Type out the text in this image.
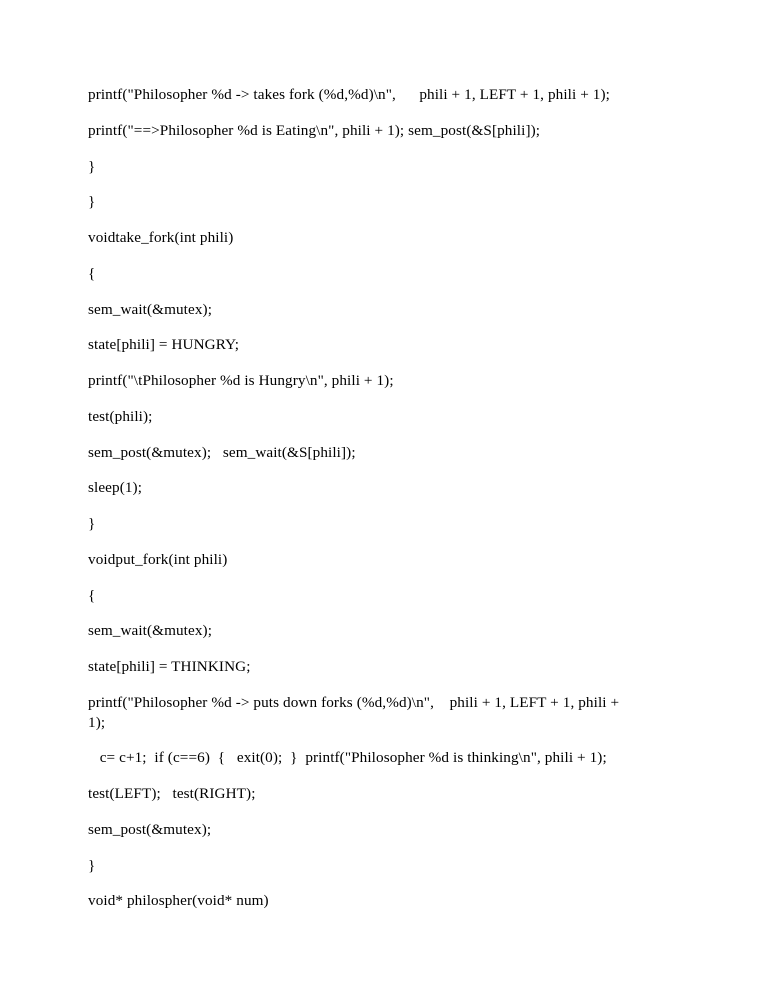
printf("Philosopher %d -> takes fork (%d,%d)\n",      phili + 1, LEFT + 1, phili + 1);

printf("==>Philosopher %d is Eating\n", phili + 1); sem_post(&S[phili]);

}

}

voidtake_fork(int phili)

{

sem_wait(&mutex);

state[phili] = HUNGRY;

printf("\tPhilosopher %d is Hungry\n", phili + 1);

test(phili);

sem_post(&mutex);   sem_wait(&S[phili]);

sleep(1);

}

voidput_fork(int phili)

{

sem_wait(&mutex);

state[phili] = THINKING;

printf("Philosopher %d -> puts down forks (%d,%d)\n",    phili + 1, LEFT + 1, phili + 1);

c= c+1;  if (c==6)  {   exit(0);  }  printf("Philosopher %d is thinking\n", phili + 1);

test(LEFT);   test(RIGHT);

sem_post(&mutex);

}

void* philospher(void* num)
